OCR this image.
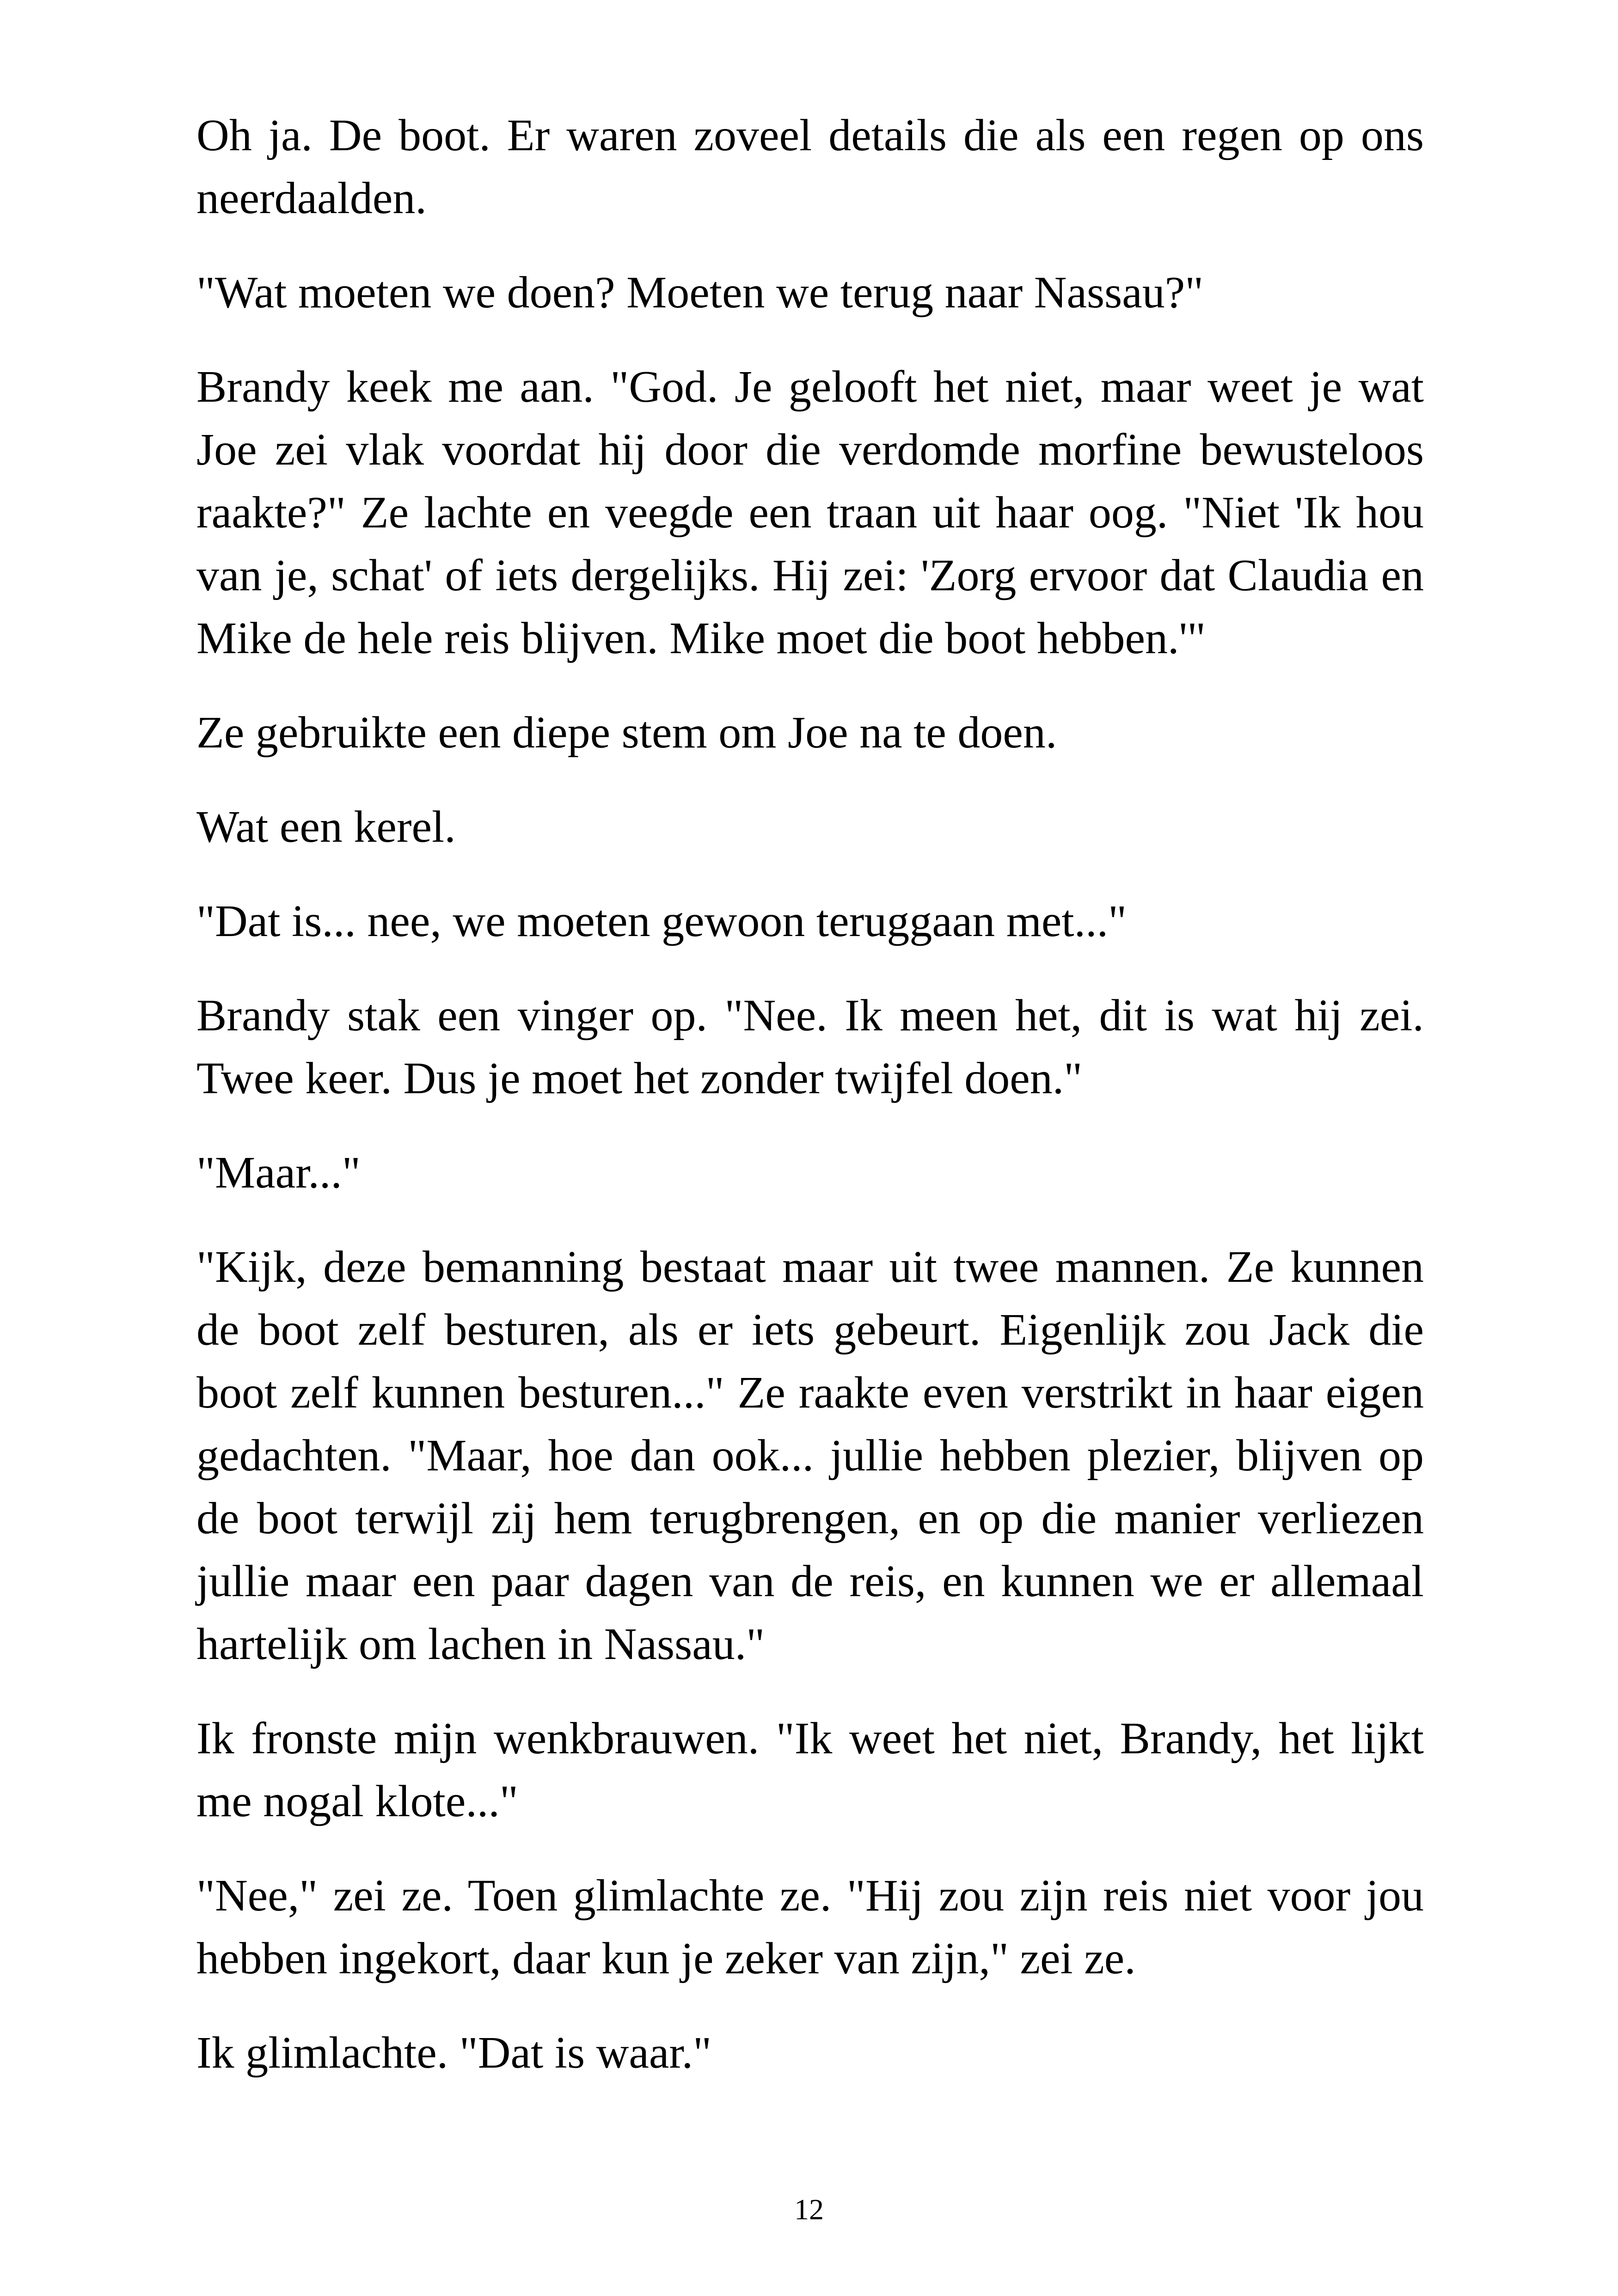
Oh ja. De boot. Er waren zoveel details die als een regen op ons neerdaalden.

"Wat moeten we doen? Moeten we terug naar Nassau?"

Brandy keek me aan. "God. Je gelooft het niet, maar weet je wat Joe zei vlak voordat hij door die verdomde morfine bewusteloos raakte?" Ze lachte en veegde een traan uit haar oog. "Niet 'Ik hou van je, schat' of iets dergelijks. Hij zei: 'Zorg ervoor dat Claudia en Mike de hele reis blijven. Mike moet die boot hebben.'"

Ze gebruikte een diepe stem om Joe na te doen.

Wat een kerel.

"Dat is... nee, we moeten gewoon teruggaan met..."

Brandy stak een vinger op. "Nee. Ik meen het, dit is wat hij zei. Twee keer. Dus je moet het zonder twijfel doen."

"Maar..."

"Kijk, deze bemanning bestaat maar uit twee mannen. Ze kunnen de boot zelf besturen, als er iets gebeurt. Eigenlijk zou Jack die boot zelf kunnen besturen..." Ze raakte even verstrikt in haar eigen gedachten. "Maar, hoe dan ook... jullie hebben plezier, blijven op de boot terwijl zij hem terugbrengen, en op die manier verliezen jullie maar een paar dagen van de reis, en kunnen we er allemaal hartelijk om lachen in Nassau."

Ik fronste mijn wenkbrauwen. "Ik weet het niet, Brandy, het lijkt me nogal klote..."

"Nee," zei ze. Toen glimlachte ze. "Hij zou zijn reis niet voor jou hebben ingekort, daar kun je zeker van zijn," zei ze.

Ik glimlachte. "Dat is waar."

12
